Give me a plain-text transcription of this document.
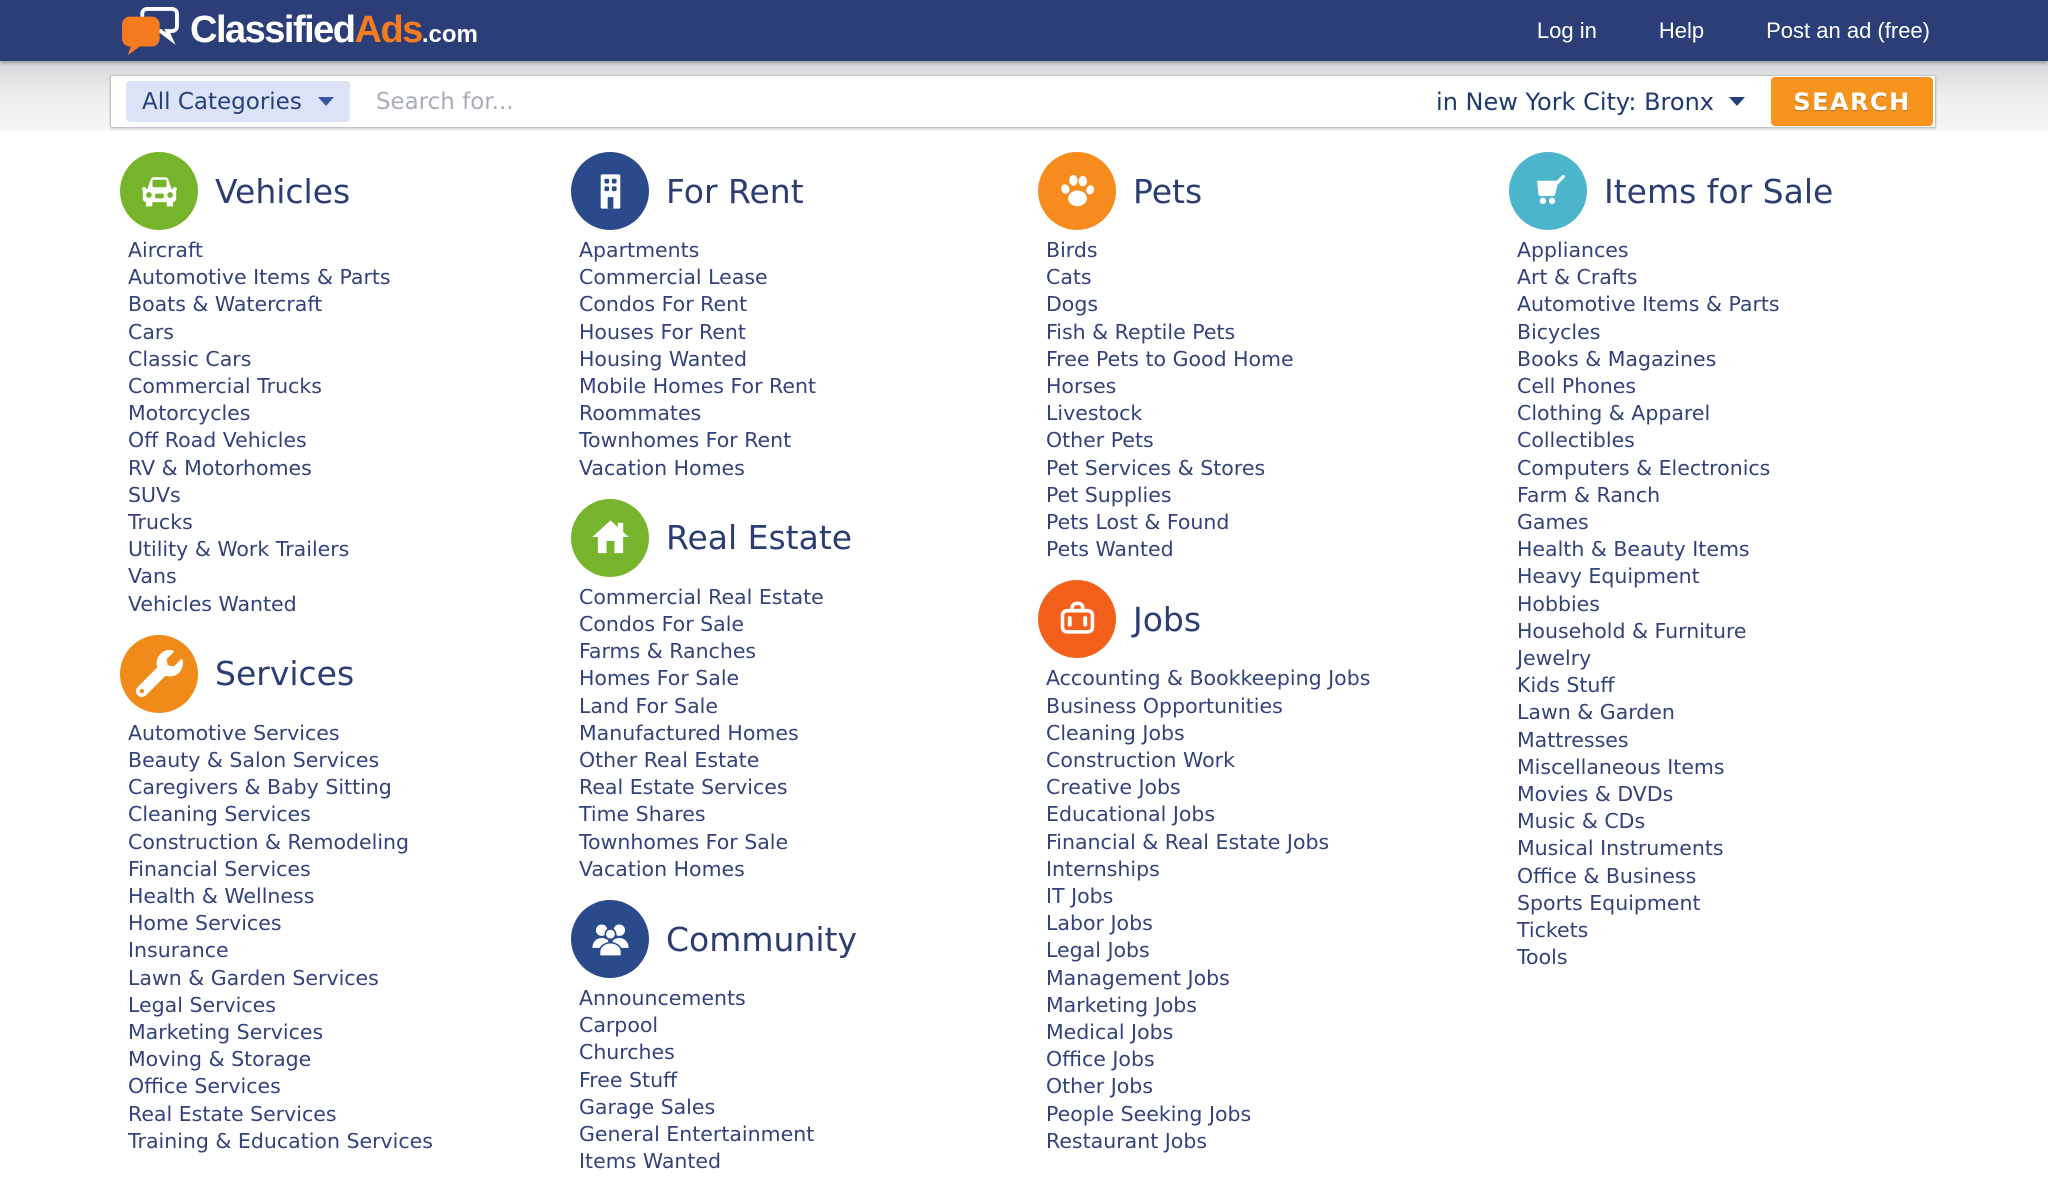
ClassifiedAds.com	Log in	Help	Post an ad (free)
All Categories
Search for...	in New York City: Bronx	SEARCH
Vehicles
Aircraft
Automotive Items & Parts
Boats & Watercraft
Cars
Classic Cars
Commercial Trucks
Motorcycles
Off Road Vehicles
RV & Motorhomes
SUVs
Trucks
Utility & Work Trailers
Vans
Vehicles Wanted
Services
Automotive Services
Beauty & Salon Services
Caregivers & Baby Sitting
Cleaning Services
Construction & Remodeling
Financial Services
Health & Wellness
Home Services
Insurance
Lawn & Garden Services
Legal Services
Marketing Services
Moving & Storage
Office Services
Real Estate Services
Training & Education Services
For Rent
Apartments
Commercial Lease
Condos For Rent
Houses For Rent
Housing Wanted
Mobile Homes For Rent
Roommates
Townhomes For Rent
Vacation Homes
Real Estate
Commercial Real Estate
Condos For Sale
Farms & Ranches
Homes For Sale
Land For Sale
Manufactured Homes
Other Real Estate
Real Estate Services
Time Shares
Townhomes For Sale
Vacation Homes
Community
Announcements
Carpool
Churches
Free Stuff
Garage Sales
General Entertainment
Items Wanted
Pets
Birds
Cats
Dogs
Fish & Reptile Pets
Free Pets to Good Home
Horses
Livestock
Other Pets
Pet Services & Stores
Pet Supplies
Pets Lost & Found
Pets Wanted
Jobs
Accounting & Bookkeeping Jobs
Business Opportunities
Cleaning Jobs
Construction Work
Creative Jobs
Educational Jobs
Financial & Real Estate Jobs
Internships
IT Jobs
Labor Jobs
Legal Jobs
Management Jobs
Marketing Jobs
Medical Jobs
Office Jobs
Other Jobs
People Seeking Jobs
Restaurant Jobs
Items for Sale
Appliances
Art & Crafts
Automotive Items & Parts
Bicycles
Books & Magazines
Cell Phones
Clothing & Apparel
Collectibles
Computers & Electronics
Farm & Ranch
Games
Health & Beauty Items
Heavy Equipment
Hobbies
Household & Furniture
Jewelry
Kids Stuff
Lawn & Garden
Mattresses
Miscellaneous Items
Movies & DVDs
Music & CDs
Musical Instruments
Office & Business
Sports Equipment
Tickets
Tools
